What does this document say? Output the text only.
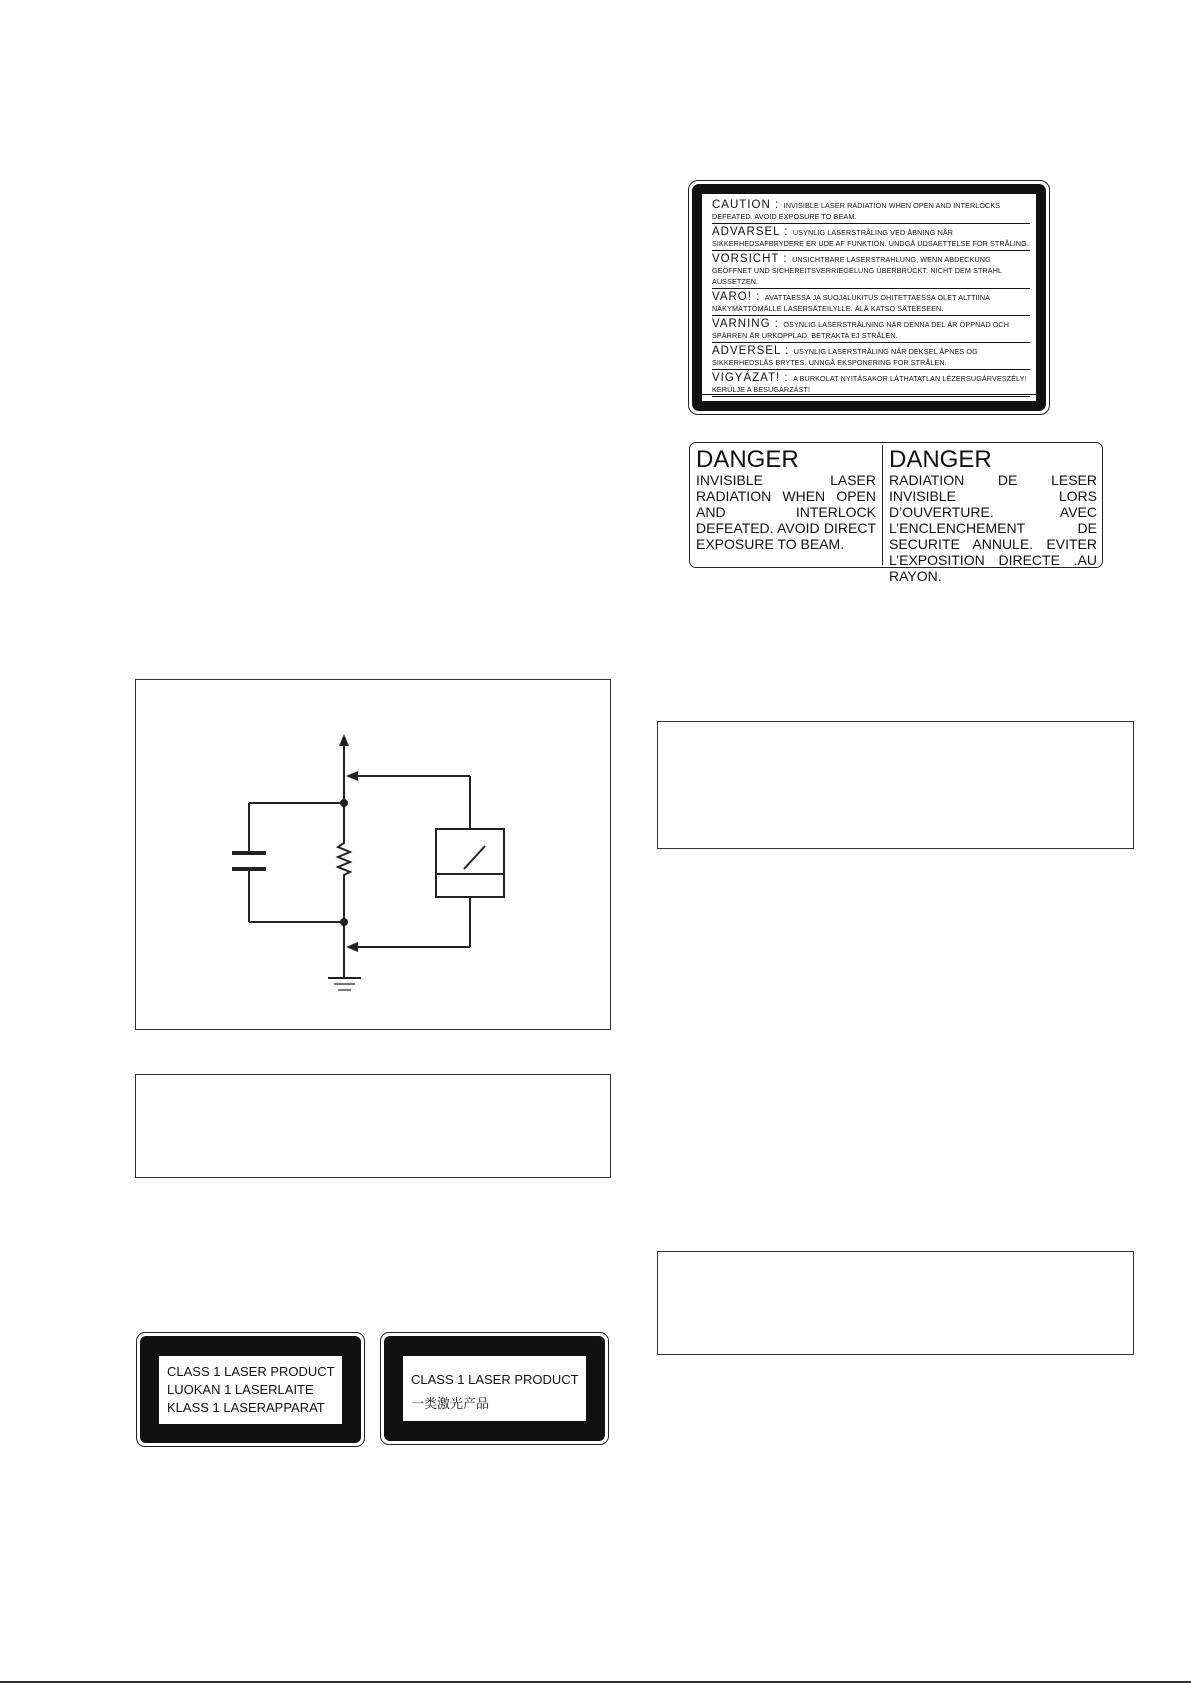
CAUTION : INVISIBLE LASER RADIATION WHEN OPEN AND INTERLOCKS DEFEATED. AVOID EXPOSURE TO BEAM.
ADVARSEL : USYNLIG LASERSTRÅLING VED ÅBNING NÅR SIKKERHEDSAFBRYDERE ER UDE AF FUNKTION. UNDGÅ UDSAETTELSE FOR STRÅLING.
VORSICHT : UNSICHTBARE LASERSTRAHLUNG, WENN ABDECKUNG GEÖFFNET UND SICHEREITSVERRIEGELUNG ÜBERBRÜCKT. NICHT DEM STRAHL AUSSETZEN.
VARO! : AVATTAESSA JA SUOJALUKITUS OHITETTAESSA OLET ALTTIINA NÄKYMÄTTÖMÄLLE LASERSÄTEILYLLE. ÄLÄ KATSO SÄTEESEEN.
VARNING : OSYNLIG LASERSTRÅLNING NÄR DENNA DEL ÄR ÖPPNAD OCH SPÄRREN ÄR URKOPPLAD. BETRAKTA EJ STRÅLEN.
ADVERSEL : USYNLIG LASERSTRÅLING NÅR DEKSEL ÅPNES OG SIKKERHEDSLÅS BRYTES. UNNGÅ EKSPONERING FOR STRÅLEN.
VIGYÁZAT! : A BURKOLAT NYITÁSAKOR LÁTHATATLAN LÉZERSUGÁRVESZÉLY! KERÜLJE A BESUGÁRZÁST!
DANGER
INVISIBLE LASER RADIATION WHEN OPEN AND INTERLOCK DEFEATED. AVOID DIRECT EXPOSURE TO BEAM.
DANGER
RADIATION DE LESER INVISIBLE LORS D’OUVERTURE. AVEC L’ENCLENCHEMENT DE SECURITE ANNULE. EVITER L’EXPOSITION DIRECTE .AU RAYON.
CLASS 1 LASER PRODUCT
LUOKAN 1 LASERLAITE
KLASS 1 LASERAPPARAT
CLASS 1 LASER PRODUCT
一类激光产品
